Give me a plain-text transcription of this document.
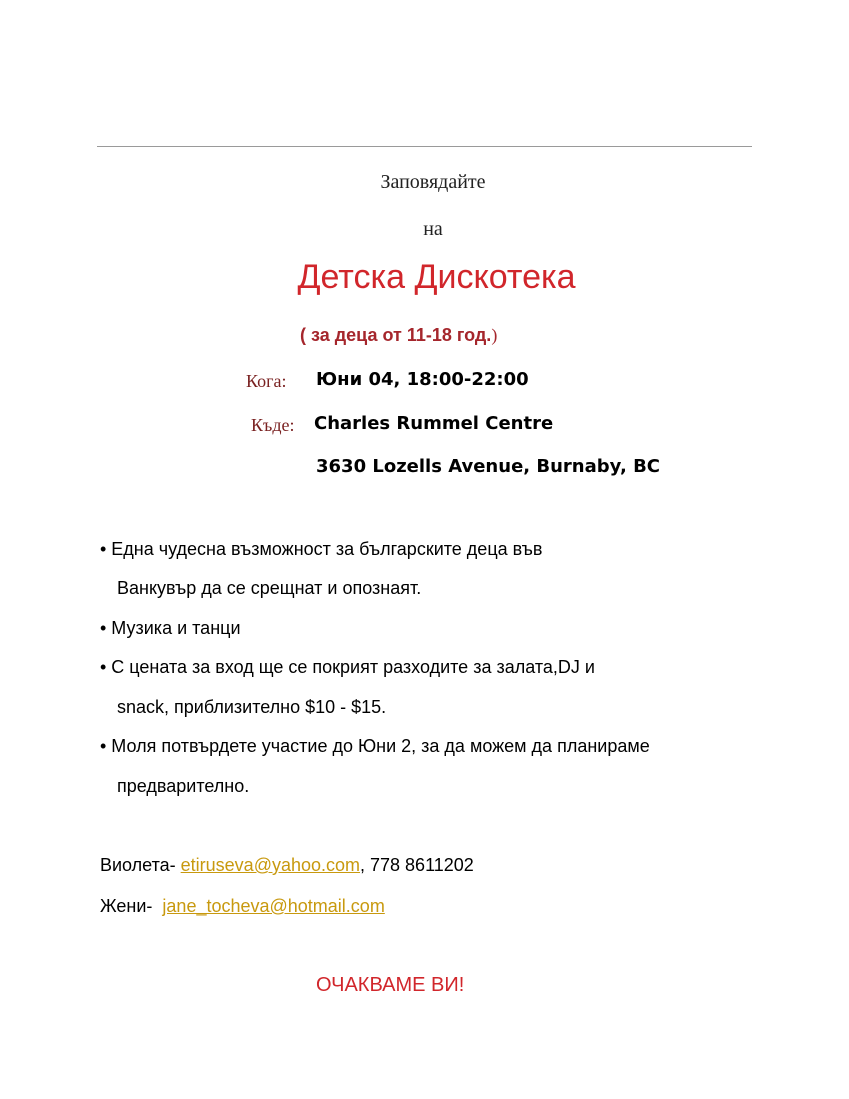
Заповядайте
на
Детска Дискотека
( за деца от 11-18 год.)
Кога: Юни 04, 18:00-22:00
Къде: Charles Rummel Centre
3630 Lozells Avenue, Burnaby, BC
• Една чудесна възможност за българските деца във
Ванкувър да се срещнат и опознаят.
• Музика и танци
• С цената за вход ще се покрият разходите за залата,DJ и
snack, приблизително $10 - $15.
• Моля потвърдете участие до Юни 2, за да можем да планираме
предварително.
Виолета- etiruseva@yahoo.com, 778 8611202
Жени- jane_tocheva@hotmail.com
ОЧАКВАМЕ ВИ!
